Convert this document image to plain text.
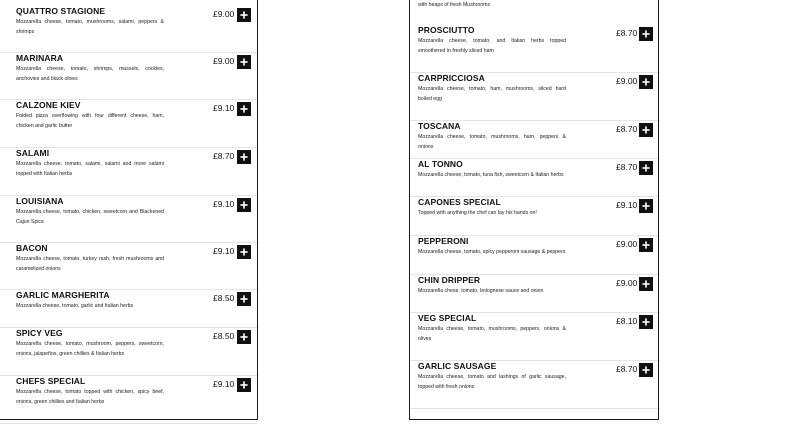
QUATTRO STAGIONE
Mozzarella cheese, tomato, mushrooms, salami, peppers & shrimps
£9.00
MARINARA
Mozzarella cheese, tomato, shrimps, mussels, cockles, anchovies and black olives
£9.00
CALZONE KIEV
Folded pizza overflowing with four different cheese, ham, chicken and garlic butter
£9.10
SALAMI
Mozzarella cheese, tomato, salami, salami and more salami topped with Italian herbs
£8.70
LOUISIANA
Mozzarella cheese, tomato, chicken, sweetcorn and Blackened Cajun Spice
£9.10
BACON
Mozzarella cheese, tomato, turkey rash, fresh mushrooms and caramelized onions
£9.10
GARLIC MARGHERITA
Mozzarella cheese, tomato, garlic and Italian herbs
£8.50
SPICY VEG
Mozzarella cheese, tomato, mushroom, peppers, sweetcorn, onions, jalapeños, green chillies & Italian herbs
£8.50
CHEFS SPECIAL
Mozzarella cheese, tomato topped with chicken, spicy beef, onions, green chillies and Italian herbs
£9.10
with heaps of fresh Mushrooms
PROSCIUTTO
Mozzarella cheese, tomato, and Italian herbs topped smoothered in freshly sliced ham
£8.70
CARPRICCIOSA
Mozzarella cheese, tomato, ham, mushrooms, sliced hard boiled egg
£9.00
TOSCANA
Mozzarella cheese, tomato, mushrooms, ham, peppers & onions
£8.70
AL TONNO
Mozzarella cheese, tomato, tuna fish, sweetcorn & Italian herbs
£8.70
CAPONES SPECIAL
Topped with anything the chef can lay his hands on!
£9.10
PEPPERONI
Mozzarella cheese, tomato, spicy pepperoni sausage & peppers
£9.00
CHIN DRIPPER
Mozzarella chese, tomato, bolognese sauce and onion
£9.00
VEG SPECIAL
Mozzarella cheese, tomato, mushrooms, peppers, onions & olives
£8.10
GARLIC SAUSAGE
Mozzarella cheese, tomato and lashings of garlic sausage, topped with fresh onions
£8.70
